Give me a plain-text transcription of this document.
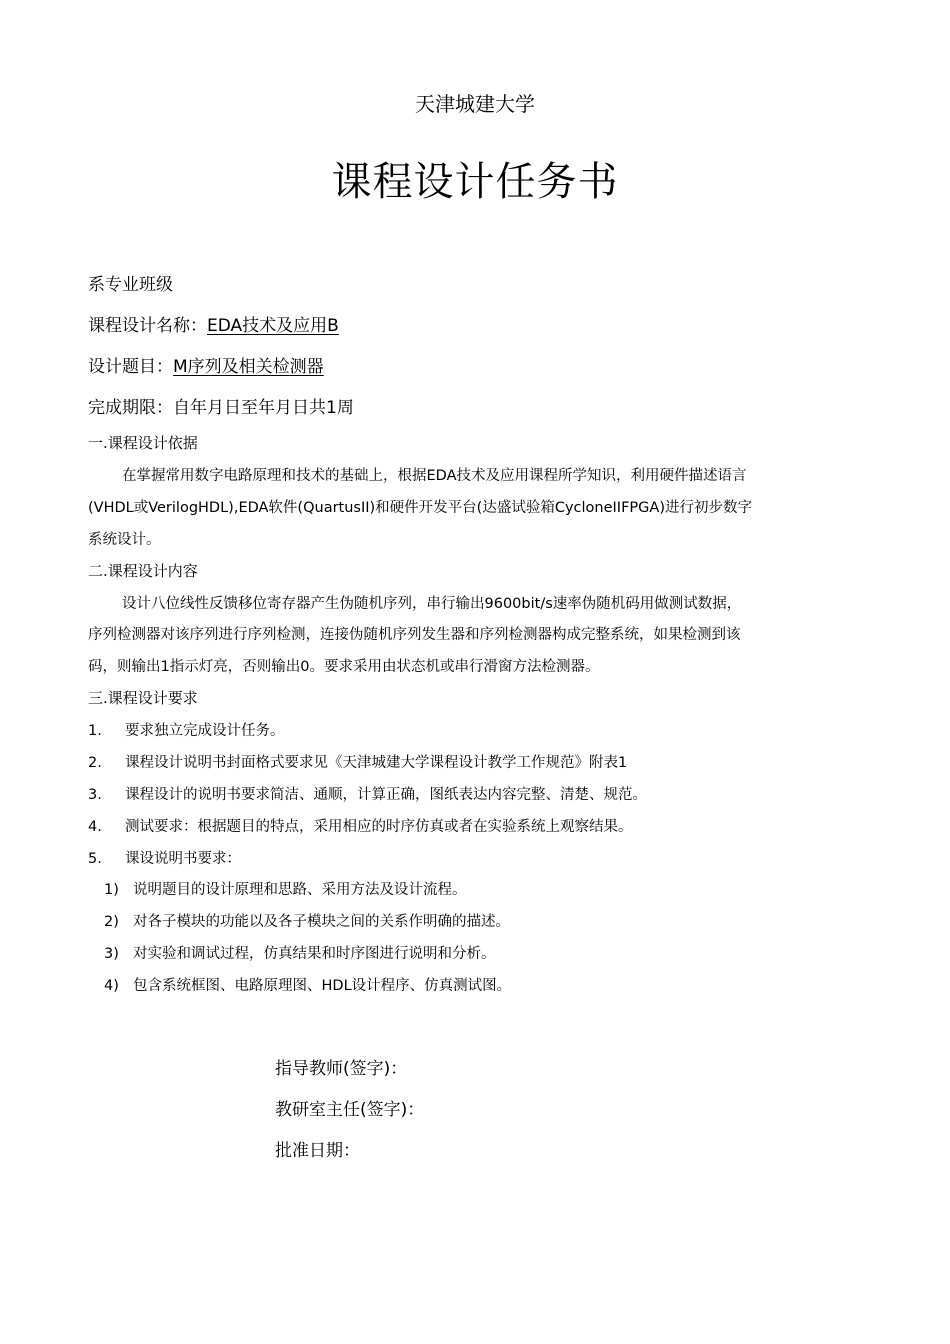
天津城建大学
课程设计任务书
系专业班级
课程设计名称：EDA技术及应用B
设计题目：M序列及相关检测器
完成期限：自年月日至年月日共1周
一.课程设计依据
在掌握常用数字电路原理和技术的基础上，根据EDA技术及应用课程所学知识，利用硬件描述语言
(VHDL或VerilogHDL),EDA软件(QuartusII)和硬件开发平台(达盛试验箱CycloneIIFPGA)进行初步数字
系统设计。
二.课程设计内容
设计八位线性反馈移位寄存器产生伪随机序列，串行输出9600bit/s速率伪随机码用做测试数据，
序列检测器对该序列进行序列检测，连接伪随机序列发生器和序列检测器构成完整系统，如果检测到该
码，则输出1指示灯亮，否则输出0。要求采用由状态机或串行滑窗方法检测器。
三.课程设计要求
1. 要求独立完成设计任务。
2. 课程设计说明书封面格式要求见《天津城建大学课程设计教学工作规范》附表1
3. 课程设计的说明书要求简洁、通顺，计算正确，图纸表达内容完整、清楚、规范。
4. 测试要求：根据题目的特点，采用相应的时序仿真或者在实验系统上观察结果。
5. 课设说明书要求：
1) 说明题目的设计原理和思路、采用方法及设计流程。
2) 对各子模块的功能以及各子模块之间的关系作明确的描述。
3) 对实验和调试过程，仿真结果和时序图进行说明和分析。
4) 包含系统框图、电路原理图、HDL设计程序、仿真测试图。
指导教师(签字)：
教研室主任(签字)：
批准日期：
